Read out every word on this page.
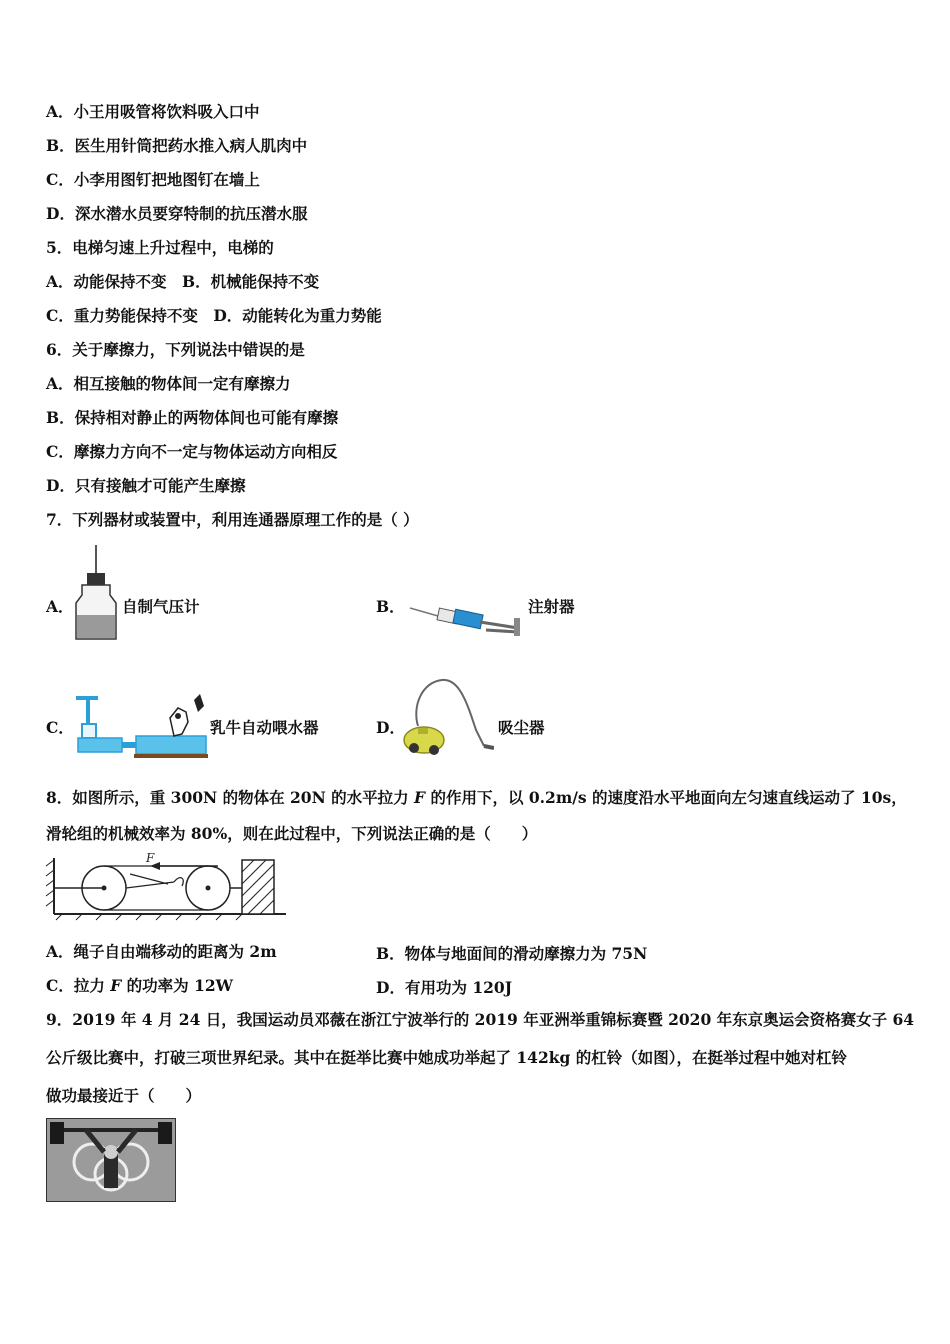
A．小王用吸管将饮料吸入口中
B．医生用针筒把药水推入病人肌肉中
C．小李用图钉把地图钉在墙上
D．深水潜水员要穿特制的抗压潜水服
5．电梯匀速上升过程中，电梯的
A．动能保持不变　B．机械能保持不变
C．重力势能保持不变　D．动能转化为重力势能
6．关于摩擦力，下列说法中错误的是
A．相互接触的物体间一定有摩擦力
B．保持相对静止的两物体间也可能有摩擦
C．摩擦力方向不一定与物体运动方向相反
D．只有接触才可能产生摩擦
7．下列器材或装置中，利用连通器原理工作的是（ ）
A．	自制气压计	B．	注射器
C．	乳牛自动喂水器	D．	吸尘器
8．如图所示，重 300N 的物体在 20N 的水平拉力 F 的作用下，以 0.2m/s 的速度沿水平地面向左匀速直线运动了 10s，
滑轮组的机械效率为 80%，则在此过程中，下列说法正确的是（　　）
F
A．绳子自由端移动的距离为 2m	B．物体与地面间的滑动摩擦力为 75N
C．拉力 F 的功率为 12W	D．有用功为 120J
9．2019 年 4 月 24 日，我国运动员邓薇在浙江宁波举行的 2019 年亚洲举重锦标赛暨 2020 年东京奥运会资格赛女子 64
公斤级比赛中，打破三项世界纪录。其中在挺举比赛中她成功举起了 142kg 的杠铃（如图），在挺举过程中她对杠铃
做功最接近于（　　）
